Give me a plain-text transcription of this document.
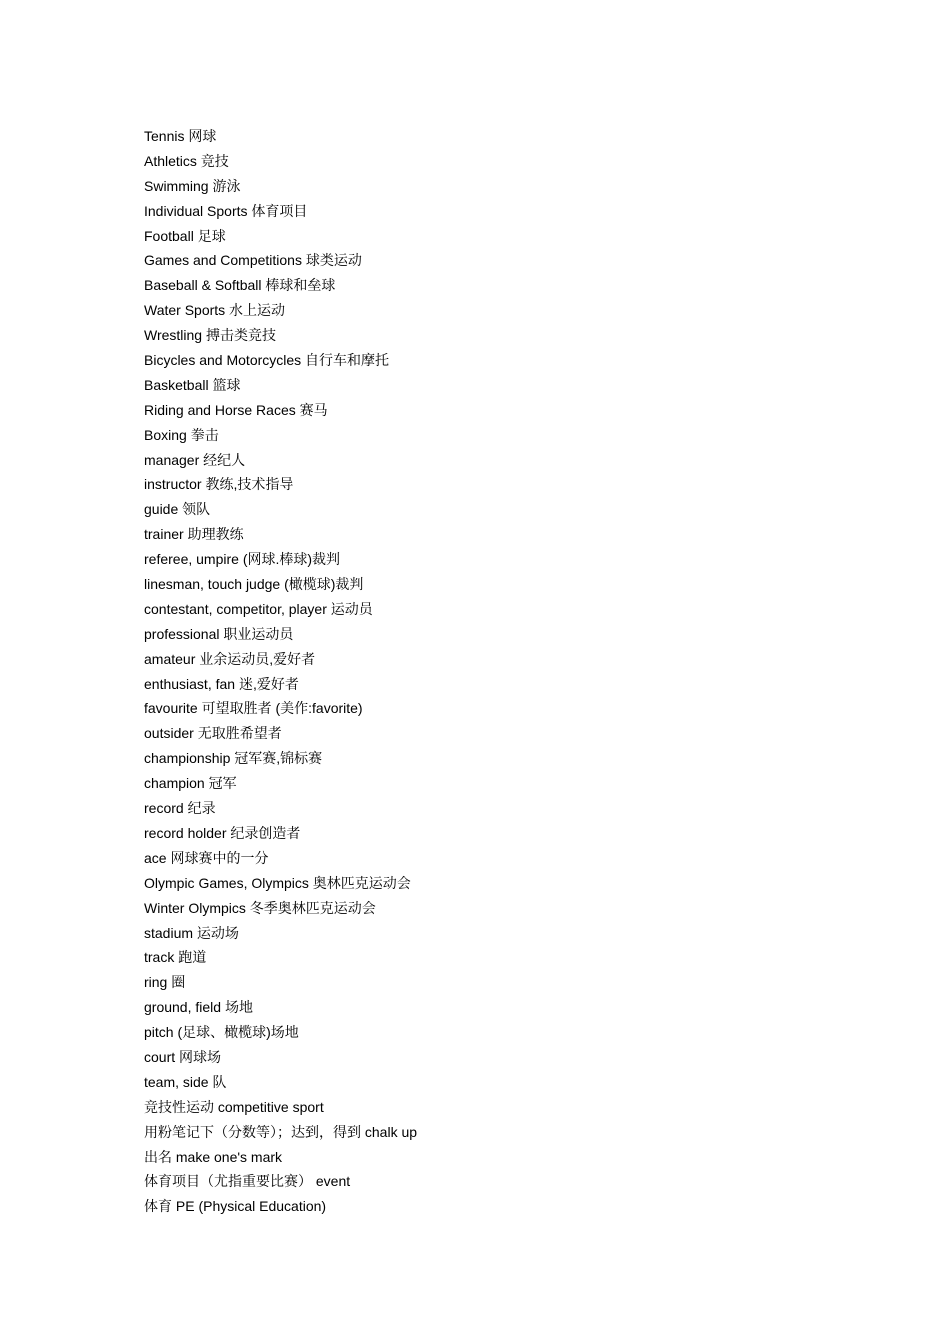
Tennis 网球
Athletics 竞技
Swimming 游泳
Individual Sports 体育项目
Football 足球
Games and Competitions 球类运动
Baseball & Softball 棒球和垒球
Water Sports 水上运动
Wrestling 搏击类竞技
Bicycles and Motorcycles 自行车和摩托
Basketball 篮球
Riding and Horse Races 赛马
Boxing 拳击
manager 经纪人
instructor 教练,技术指导
guide 领队
trainer 助理教练
referee, umpire (网球.棒球)裁判
linesman, touch judge (橄榄球)裁判
contestant, competitor, player 运动员
professional 职业运动员
amateur 业余运动员,爱好者
enthusiast, fan 迷,爱好者
favourite 可望取胜者 (美作:favorite)
outsider 无取胜希望者
championship 冠军赛,锦标赛
champion 冠军
record 纪录
record holder 纪录创造者
ace 网球赛中的一分
Olympic Games, Olympics 奥林匹克运动会
Winter Olympics 冬季奥林匹克运动会
stadium 运动场
track 跑道
ring 圈
ground, field 场地
pitch (足球、橄榄球)场地
court 网球场
team, side 队
竞技性运动 competitive sport
用粉笔记下（分数等）；达到，得到 chalk up
出名 make one's mark
体育项目（尤指重要比赛） event
体育 PE (Physical Education)
